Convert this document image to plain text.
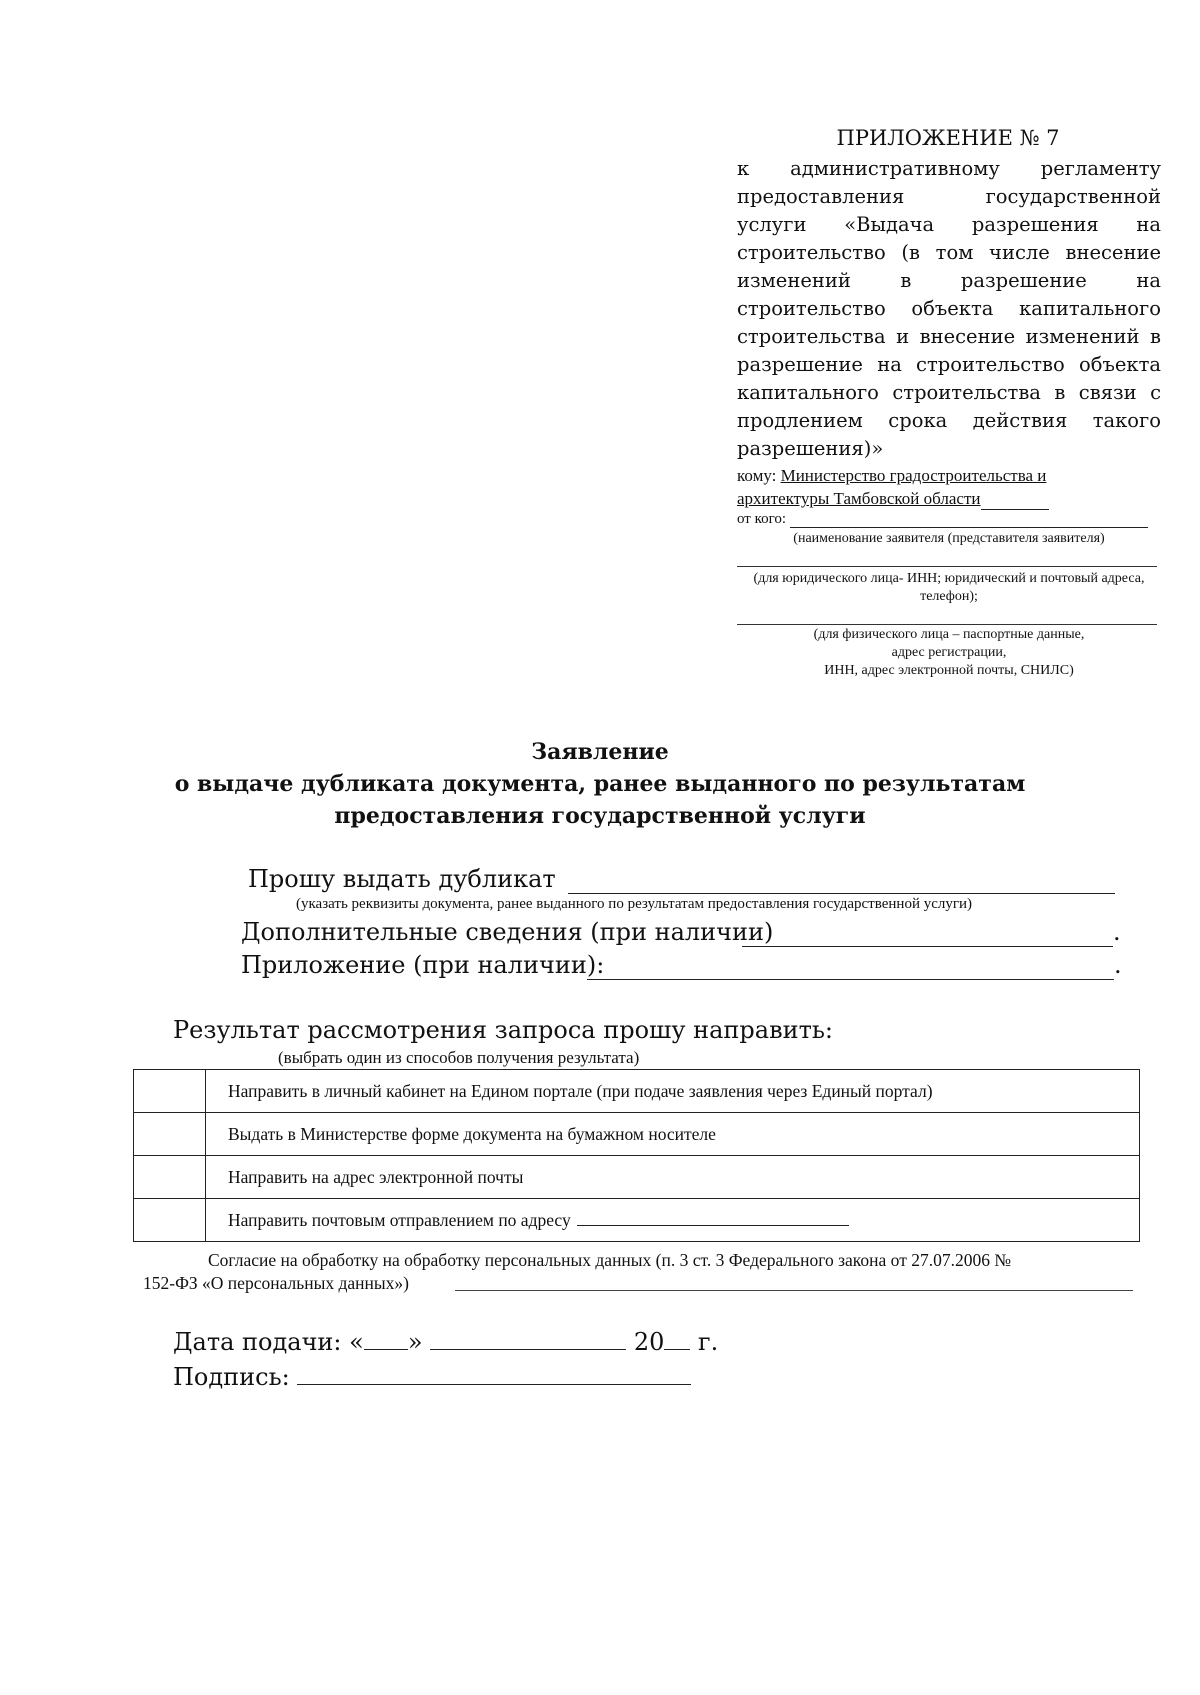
ПРИЛОЖЕНИЕ № 7
к административному регламенту предоставления государственной услуги «Выдача разрешения на строительство (в том числе внесение изменений в разрешение на строительство объекта капитального строительства и внесение изменений в разрешение на строительство объекта капитального строительства в связи с продлением срока действия такого разрешения)»
кому: Министерство градостроительства и
архитектуры Тамбовской области
от кого:
(наименование заявителя (представителя заявителя)
(для юридического лица- ИНН; юридический и почтовый адреса, телефон);
(для физического лица – паспортные данные, адрес регистрации,
ИНН, адрес электронной почты, СНИЛС)
Заявление
о выдаче дубликата документа, ранее выданного по результатам
предоставления государственной услуги
Прошу выдать дубликат
(указать реквизиты документа, ранее выданного по результатам предоставления государственной услуги)
Дополнительные сведения (при наличии)	.
Приложение (при наличии):	.
Результат рассмотрения запроса прошу направить:
(выбрать один из способов получения результата)
	Направить в личный кабинет на Едином портале (при подаче заявления через Единый портал)
	Выдать в Министерстве форме документа на бумажном носителе
	Направить на адрес электронной почты
	Направить почтовым отправлением по адресу
Согласие на обработку на обработку персональных данных (п. 3 ст. 3 Федерального закона от 27.07.2006 №
152-ФЗ «О персональных данных»)
Дата подачи: « »	20 г.
Подпись:
